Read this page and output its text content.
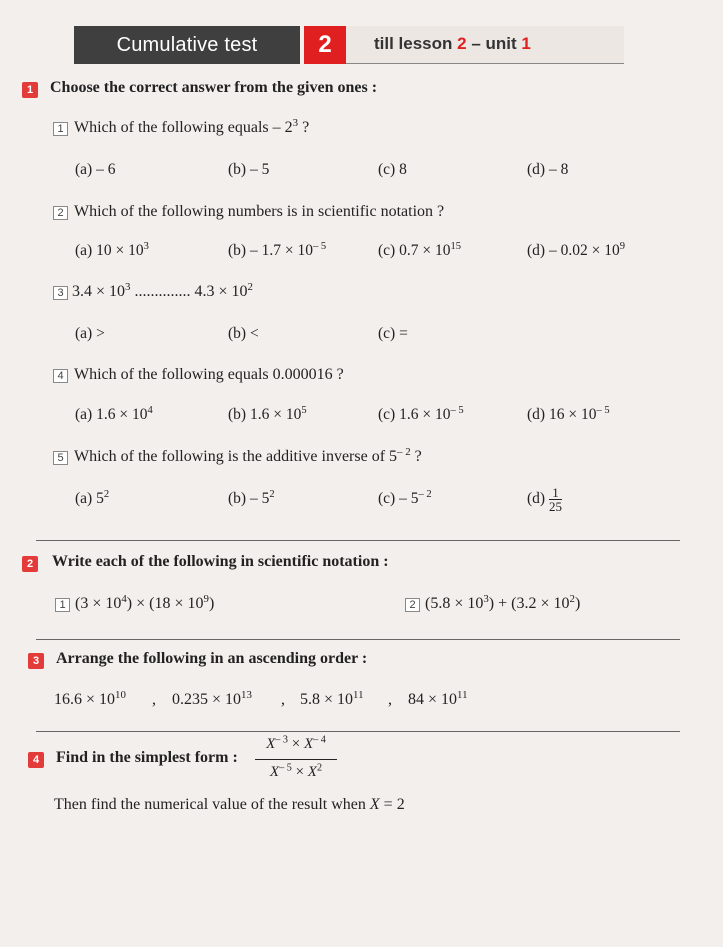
Cumulative test	2 till lesson 2 – unit 1
1 Choose the correct answer from the given ones :
1 Which of the following equals – $2^3$ ?
(a) – 6	(b) – 5	(c) 8	(d) – 8
2 Which of the following numbers is in scientific notation ?
(a) $10 \times 10^3$	$(b) - 1.7 \times 10^{- 5}$	(c) $0.7 \times 10^{15}$	$(d) - 0.02 \times 10^9$
3 $3.4 \times 10^3$ .............. $4.3 \times 10^2$
(a) >	(b) <	(c) =
4 Which of the following equals 0.000016 ?
(a) $1.6 \times 10^4$	(b) $1.6 \times 10^5$	(c) $1.6 \times 10^{- 5}$	(d) $16 \times 10^{- 5}$
5 Which of the following is the additive inverse of $5^{- 2}$ ?
(a) $5^2$	$(b) - 5^2$	$(c) - 5^{- 2}$	$(d) \frac{1}{25}$
2 Write each of the following in scientific notation :
1 $(3 \times 10^4) \times (18 \times 10^9)$	2 $(5.8 \times 10^3) + (3.2 \times 10^2)$
3 Arrange the following in an ascending order :
$16.6 \times 10^{10}$ , $0.235 \times 10^{13}$ , $5.8 \times 10^{11}$ , $84 \times 10^{11}$
4 Find in the simplest form :
$X^{- 3} \times X^{- 4}$
$X^{- 5} \times X^2$
Then find the numerical value of the result when X = 2
